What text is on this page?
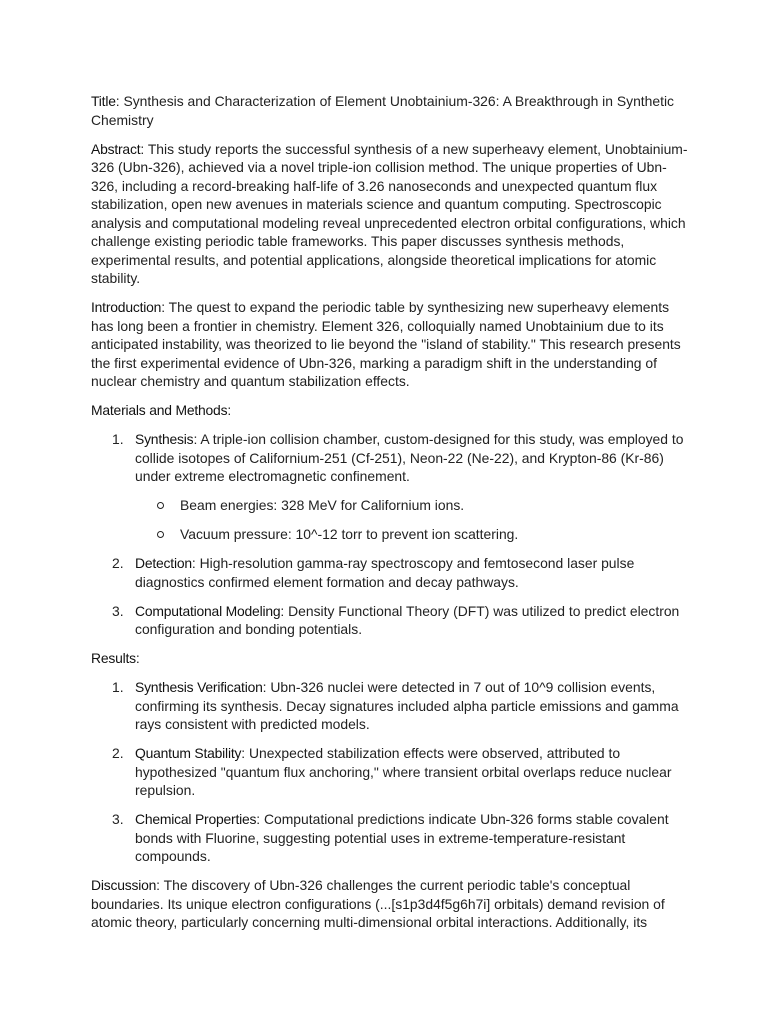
Title: Synthesis and Characterization of Element Unobtainium-326: A Breakthrough in Synthetic Chemistry

Abstract: This study reports the successful synthesis of a new superheavy element, Unobtainium-326 (Ubn-326), achieved via a novel triple-ion collision method. The unique properties of Ubn-326, including a record-breaking half-life of 3.26 nanoseconds and unexpected quantum flux stabilization, open new avenues in materials science and quantum computing. Spectroscopic analysis and computational modeling reveal unprecedented electron orbital configurations, which challenge existing periodic table frameworks. This paper discusses synthesis methods, experimental results, and potential applications, alongside theoretical implications for atomic stability.

Introduction: The quest to expand the periodic table by synthesizing new superheavy elements has long been a frontier in chemistry. Element 326, colloquially named Unobtainium due to its anticipated instability, was theorized to lie beyond the "island of stability." This research presents the first experimental evidence of Ubn-326, marking a paradigm shift in the understanding of nuclear chemistry and quantum stabilization effects.

Materials and Methods:

1. Synthesis: A triple-ion collision chamber, custom-designed for this study, was employed to collide isotopes of Californium-251 (Cf-251), Neon-22 (Ne-22), and Krypton-86 (Kr-86) under extreme electromagnetic confinement.
Beam energies: 328 MeV for Californium ions.
Vacuum pressure: 10^-12 torr to prevent ion scattering.
2. Detection: High-resolution gamma-ray spectroscopy and femtosecond laser pulse diagnostics confirmed element formation and decay pathways.
3. Computational Modeling: Density Functional Theory (DFT) was utilized to predict electron configuration and bonding potentials.

Results:

1. Synthesis Verification: Ubn-326 nuclei were detected in 7 out of 10^9 collision events, confirming its synthesis. Decay signatures included alpha particle emissions and gamma rays consistent with predicted models.
2. Quantum Stability: Unexpected stabilization effects were observed, attributed to hypothesized "quantum flux anchoring," where transient orbital overlaps reduce nuclear repulsion.
3. Chemical Properties: Computational predictions indicate Ubn-326 forms stable covalent bonds with Fluorine, suggesting potential uses in extreme-temperature-resistant compounds.

Discussion: The discovery of Ubn-326 challenges the current periodic table's conceptual boundaries. Its unique electron configurations (...[s1p3d4f5g6h7i] orbitals) demand revision of atomic theory, particularly concerning multi-dimensional orbital interactions. Additionally, its
